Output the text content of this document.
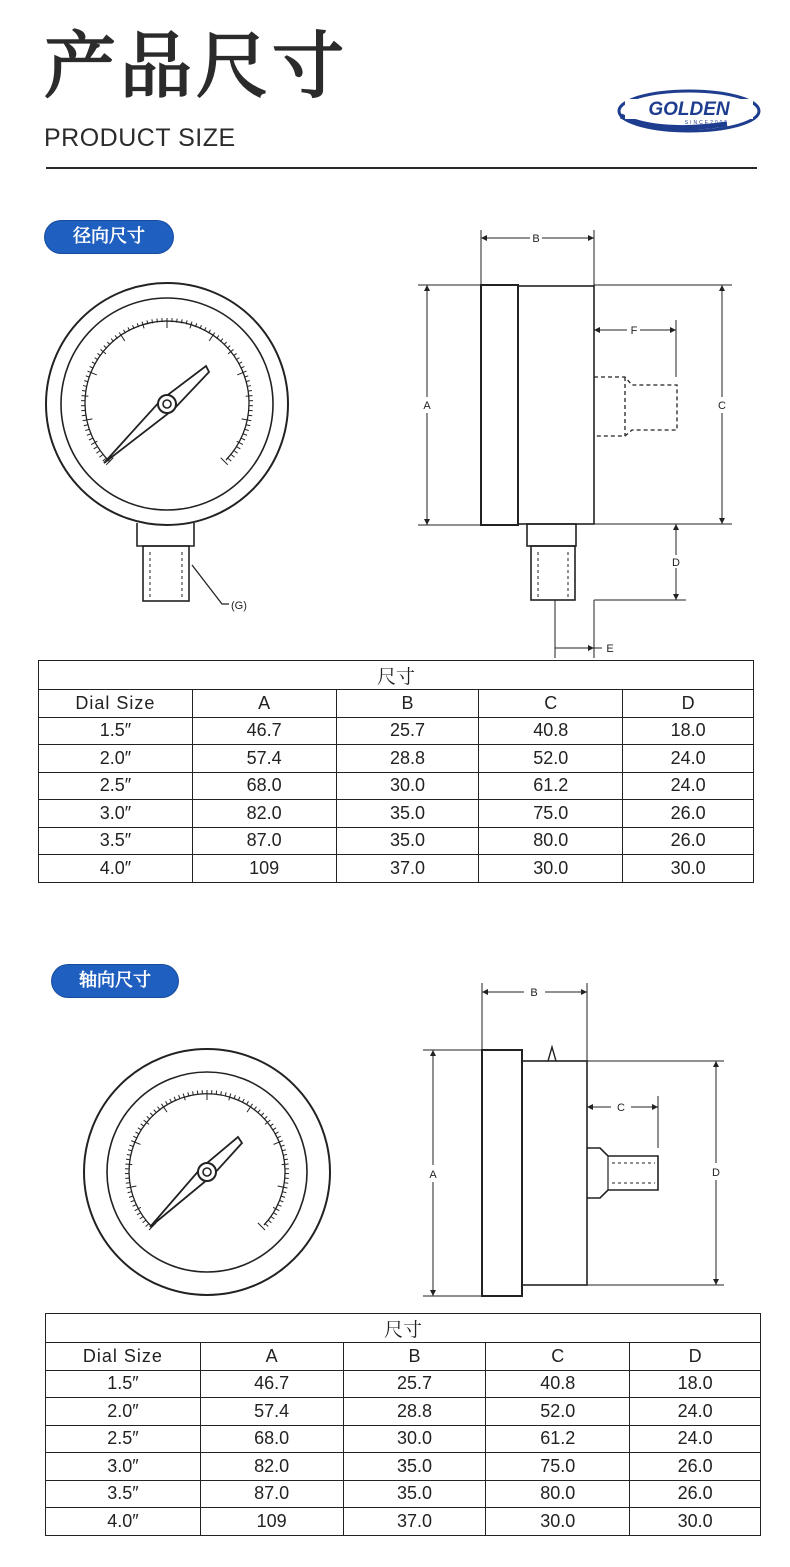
产品尺寸
PRODUCT SIZE
GOLDEN
SINCE2005
径向尺寸
(G)
B
A	C
F
D
E
尺寸				
Dial Size	A	B	C	D
1.5″	46.7	25.7	40.8	18.0
2.0″	57.4	28.8	52.0	24.0
2.5″	68.0	30.0	61.2	24.0
3.0″	82.0	35.0	75.0	26.0
3.5″	87.0	35.0	80.0	26.0
4.0″	109	37.0	30.0	30.0
轴向尺寸
B
A	D
C
尺寸				
Dial Size	A	B	C	D
1.5″	46.7	25.7	40.8	18.0
2.0″	57.4	28.8	52.0	24.0
2.5″	68.0	30.0	61.2	24.0
3.0″	82.0	35.0	75.0	26.0
3.5″	87.0	35.0	80.0	26.0
4.0″	109	37.0	30.0	30.0
